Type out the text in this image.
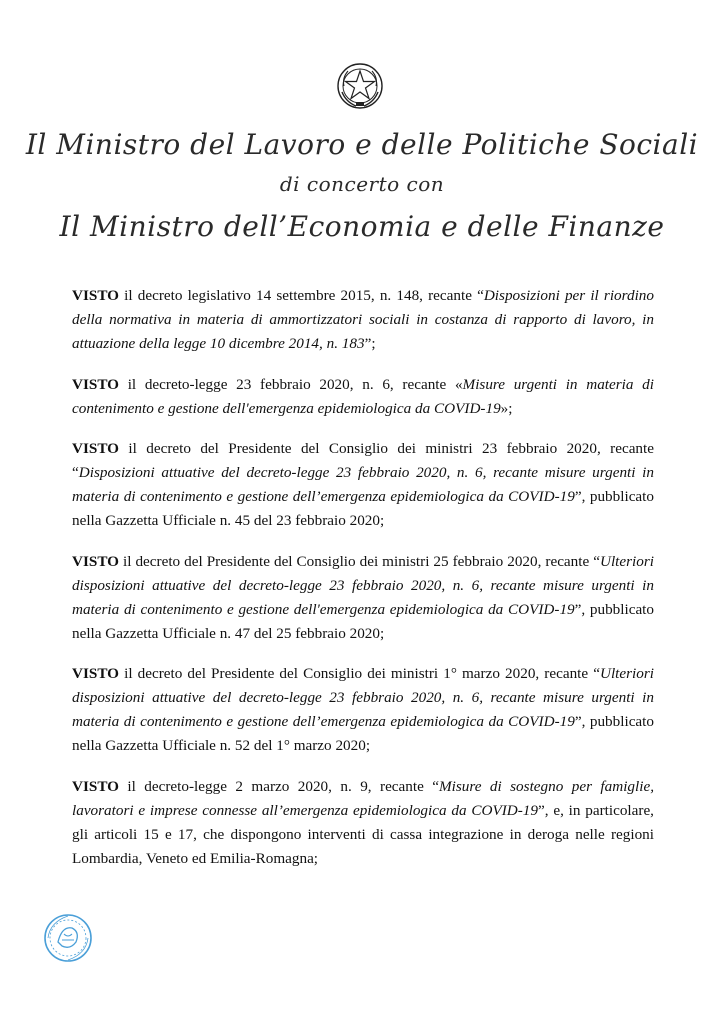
Il Ministro del Lavoro e delle Politiche Sociali
di concerto con
Il Ministro dell’Economia e delle Finanze

VISTO il decreto legislativo 14 settembre 2015, n. 148, recante “Disposizioni per il riordino della normativa in materia di ammortizzatori sociali in costanza di rapporto di lavoro, in attuazione della legge 10 dicembre 2014, n. 183”;

VISTO il decreto-legge 23 febbraio 2020, n. 6, recante «Misure urgenti in materia di contenimento e gestione dell'emergenza epidemiologica da COVID-19»;

VISTO il decreto del Presidente del Consiglio dei ministri 23 febbraio 2020, recante “Disposizioni attuative del decreto-legge 23 febbraio 2020, n. 6, recante misure urgenti in materia di contenimento e gestione dell’emergenza epidemiologica da COVID-19”, pubblicato nella Gazzetta Ufficiale n. 45 del 23 febbraio 2020;

VISTO il decreto del Presidente del Consiglio dei ministri 25 febbraio 2020, recante “Ulteriori disposizioni attuative del decreto-legge 23 febbraio 2020, n. 6, recante misure urgenti in materia di contenimento e gestione dell'emergenza epidemiologica da COVID-19”, pubblicato nella Gazzetta Ufficiale n. 47 del 25 febbraio 2020;

VISTO il decreto del Presidente del Consiglio dei ministri 1° marzo 2020, recante “Ulteriori disposizioni attuative del decreto-legge 23 febbraio 2020, n. 6, recante misure urgenti in materia di contenimento e gestione dell’emergenza epidemiologica da COVID-19”, pubblicato nella Gazzetta Ufficiale n. 52 del 1° marzo 2020;

VISTO il decreto-legge 2 marzo 2020, n. 9, recante “Misure di sostegno per famiglie, lavoratori e imprese connesse all’emergenza epidemiologica da COVID-19”, e, in particolare, gli articoli 15 e 17, che dispongono interventi di cassa integrazione in deroga nelle regioni Lombardia, Veneto ed Emilia-Romagna;
